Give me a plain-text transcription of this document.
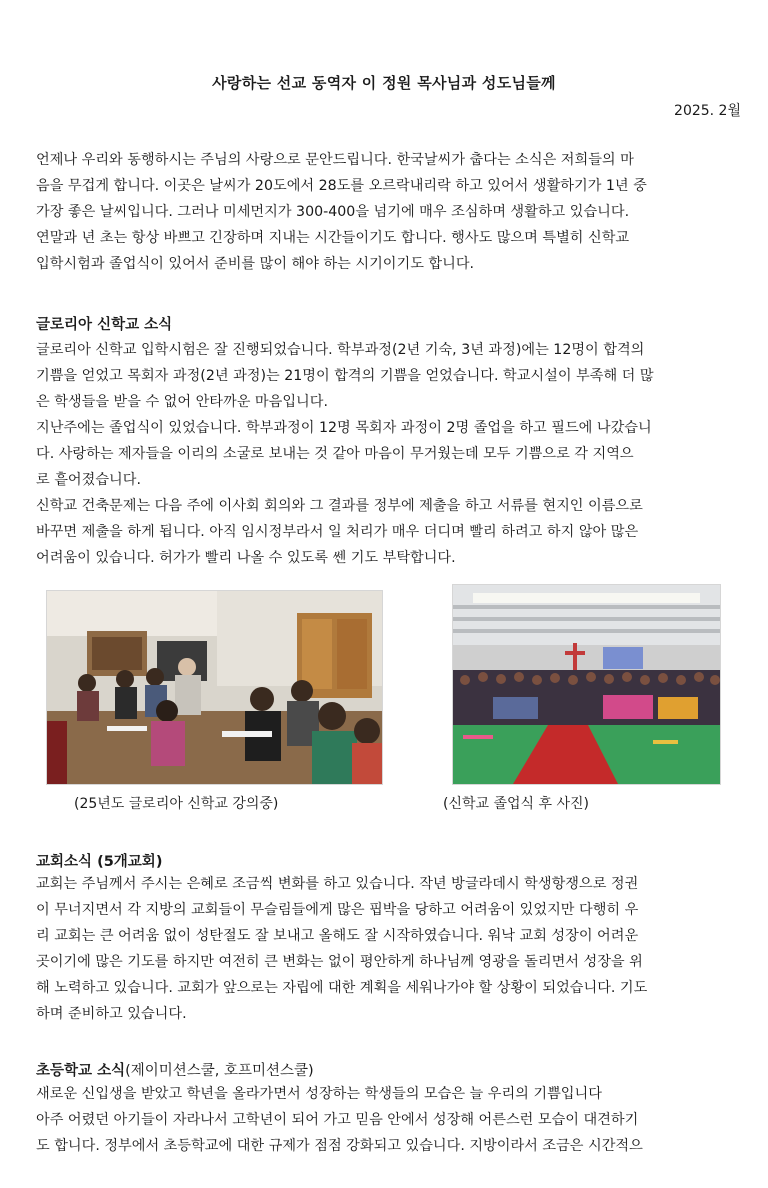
사랑하는 선교 동역자 이 정원 목사님과 성도님들께
2025. 2월
언제나 우리와 동행하시는 주님의 사랑으로 문안드립니다. 한국날씨가 춥다는 소식은 저희들의 마
음을 무겁게 합니다. 이곳은 날씨가 20도에서 28도를 오르락내리락 하고 있어서 생활하기가 1년 중
가장 좋은 날씨입니다. 그러나 미세먼지가 300-400을 넘기에 매우 조심하며 생활하고 있습니다.
연말과 년 초는 항상 바쁘고 긴장하며 지내는 시간들이기도 합니다. 행사도 많으며 특별히 신학교
입학시험과 졸업식이 있어서 준비를 많이 해야 하는 시기이기도 합니다.
글로리아 신학교 소식
글로리아 신학교 입학시험은 잘 진행되었습니다. 학부과정(2년 기숙, 3년 과정)에는 12명이 합격의
기쁨을 얻었고 목회자 과정(2년 과정)는 21명이 합격의 기쁨을 얻었습니다. 학교시설이 부족해 더 많
은 학생들을 받을 수 없어 안타까운 마음입니다.
지난주에는 졸업식이 있었습니다. 학부과정이 12명 목회자 과정이 2명 졸업을 하고 필드에 나갔습니
다. 사랑하는 제자들을 이리의 소굴로 보내는 것 같아 마음이 무거웠는데 모두 기쁨으로 각 지역으
로 흩어졌습니다.
신학교 건축문제는 다음 주에 이사회 회의와 그 결과를 정부에 제출을 하고 서류를 현지인 이름으로
바꾸면 제출을 하게 됩니다. 아직 임시정부라서 일 처리가 매우 더디며 빨리 하려고 하지 않아 많은
어려움이 있습니다. 허가가 빨리 나올 수 있도록 쎈 기도 부탁합니다.
(25년도 글로리아 신학교 강의중)	(신학교 졸업식 후 사진)
교회소식 (5개교회)
교회는 주님께서 주시는 은혜로 조금씩 변화를 하고 있습니다. 작년 방글라데시 학생항쟁으로 정권
이 무너지면서 각 지방의 교회들이 무슬림들에게 많은 핍박을 당하고 어려움이 있었지만 다행히 우
리 교회는 큰 어려움 없이 성탄절도 잘 보내고 올해도 잘 시작하였습니다. 워낙 교회 성장이 어려운
곳이기에 많은 기도를 하지만 여전히 큰 변화는 없이 평안하게 하나님께 영광을 돌리면서 성장을 위
해 노력하고 있습니다. 교회가 앞으로는 자립에 대한 계획을 세워나가야 할 상황이 되었습니다. 기도
하며 준비하고 있습니다.
초등학교 소식(제이미션스쿨, 호프미션스쿨)
새로운 신입생을 받았고 학년을 올라가면서 성장하는 학생들의 모습은 늘 우리의 기쁨입니다
아주 어렸던 아기들이 자라나서 고학년이 되어 가고 믿음 안에서 성장해 어른스런 모습이 대견하기
도 합니다. 정부에서 초등학교에 대한 규제가 점점 강화되고 있습니다. 지방이라서 조금은 시간적으
